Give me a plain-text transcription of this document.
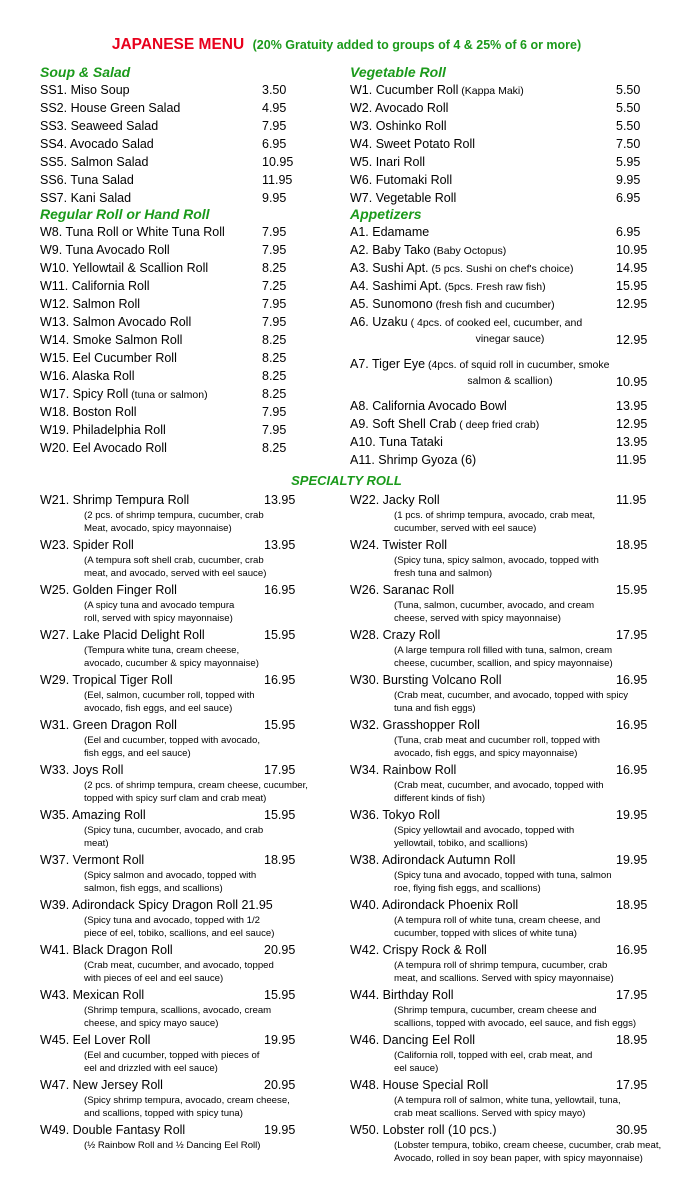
JAPANESE MENU (20% Gratuity added to groups of 4 & 25% of 6 or more)
Soup & Salad	Vegetable Roll
Regular Roll or Hand Roll	Appetizers
SPECIALTY ROLL
SS1. Miso Soup	3.50
SS2. House Green Salad	4.95
SS3. Seaweed Salad	7.95
SS4. Avocado Salad	6.95
SS5. Salmon Salad	10.95
SS6. Tuna Salad	11.95
SS7. Kani Salad	9.95
W8. Tuna Roll or White Tuna Roll	7.95
W9. Tuna Avocado Roll	7.95
W10. Yellowtail & Scallion Roll	8.25
W11. California Roll	7.25
W12. Salmon Roll	7.95
W13. Salmon Avocado Roll	7.95
W14. Smoke Salmon Roll	8.25
W15. Eel Cucumber Roll	8.25
W16. Alaska Roll	8.25
W17. Spicy Roll (tuna or salmon)	8.25
W18. Boston Roll	7.95
W19. Philadelphia Roll	7.95
W20. Eel Avocado Roll	8.25
W1. Cucumber Roll (Kappa Maki)	5.50
W2. Avocado Roll	5.50
W3. Oshinko Roll	5.50
W4. Sweet Potato Roll	7.50
W5. Inari Roll	5.95
W6. Futomaki Roll	9.95
W7. Vegetable Roll	6.95
A1. Edamame	6.95
A2. Baby Tako (Baby Octopus)	10.95
A3. Sushi Apt. (5 pcs. Sushi on chef's choice)	14.95
A4. Sashimi Apt. (5pcs. Fresh raw fish)	15.95
A5. Sunomono (fresh fish and cucumber)	12.95
A6. Uzaku ( 4pcs. of cooked eel, cucumber, and
vinegar sauce)	12.95
A7. Tiger Eye (4pcs. of squid roll in cucumber, smoke
salmon & scallion)	10.95
A8. California Avocado Bowl	13.95
A9. Soft Shell Crab ( deep fried crab)	12.95
A10. Tuna Tataki	13.95
A11. Shrimp Gyoza (6)	11.95
W21. Shrimp Tempura Roll	13.95
(2 pcs. of shrimp tempura, cucumber, crab
Meat, avocado, spicy mayonnaise)
W23. Spider Roll	13.95
(A tempura soft shell crab, cucumber, crab
meat, and avocado, served with eel sauce)
W25. Golden Finger Roll	16.95
(A spicy tuna and avocado tempura
roll, served with spicy mayonnaise)
W27. Lake Placid Delight Roll	15.95
(Tempura white tuna, cream cheese,
avocado, cucumber & spicy mayonnaise)
W29. Tropical Tiger Roll	16.95
(Eel, salmon, cucumber roll, topped with
avocado, fish eggs, and eel sauce)
W31. Green Dragon Roll	15.95
(Eel and cucumber, topped with avocado,
fish eggs, and eel sauce)
W33. Joys Roll	17.95
(2 pcs. of shrimp tempura, cream cheese, cucumber,
topped with spicy surf clam and crab meat)
W35. Amazing Roll	15.95
(Spicy tuna, cucumber, avocado, and crab
meat)
W37. Vermont Roll	18.95
(Spicy salmon and avocado, topped with
salmon, fish eggs, and scallions)
W39. Adirondack Spicy Dragon Roll 21.95
(Spicy tuna and avocado, topped with 1/2
piece of eel, tobiko, scallions, and eel sauce)
W41. Black Dragon Roll	20.95
(Crab meat, cucumber, and avocado, topped
with pieces of eel and eel sauce)
W43. Mexican Roll	15.95
(Shrimp tempura, scallions, avocado, cream
cheese, and spicy mayo sauce)
W45. Eel Lover Roll	19.95
(Eel and cucumber, topped with pieces of
eel and drizzled with eel sauce)
W47. New Jersey Roll	20.95
(Spicy shrimp tempura, avocado, cream cheese,
and scallions, topped with spicy tuna)
W49. Double Fantasy Roll	19.95
(½ Rainbow Roll and ½ Dancing Eel Roll)
W22. Jacky Roll	11.95
(1 pcs. of shrimp tempura, avocado, crab meat,
cucumber, served with eel sauce)
W24. Twister Roll	18.95
(Spicy tuna, spicy salmon, avocado, topped with
fresh tuna and salmon)
W26. Saranac Roll	15.95
(Tuna, salmon, cucumber, avocado, and cream
cheese, served with spicy mayonnaise)
W28. Crazy Roll	17.95
(A large tempura roll filled with tuna, salmon, cream
cheese, cucumber, scallion, and spicy mayonnaise)
W30. Bursting Volcano Roll	16.95
(Crab meat, cucumber, and avocado, topped with spicy
tuna and fish eggs)
W32. Grasshopper Roll	16.95
(Tuna, crab meat and cucumber roll, topped with
avocado, fish eggs, and spicy mayonnaise)
W34. Rainbow Roll	16.95
(Crab meat, cucumber, and avocado, topped with
different kinds of fish)
W36. Tokyo Roll	19.95
(Spicy yellowtail and avocado, topped with
yellowtail, tobiko, and scallions)
W38. Adirondack Autumn Roll	19.95
(Spicy tuna and avocado, topped with tuna, salmon
roe, flying fish eggs, and scallions)
W40. Adirondack Phoenix Roll	18.95
(A tempura roll of white tuna, cream cheese, and
cucumber, topped with slices of white tuna)
W42. Crispy Rock & Roll	16.95
(A tempura roll of shrimp tempura, cucumber, crab
meat, and scallions. Served with spicy mayonnaise)
W44. Birthday Roll	17.95
(Shrimp tempura, cucumber, cream cheese and
scallions, topped with avocado, eel sauce, and fish eggs)
W46. Dancing Eel Roll	18.95
(California roll, topped with eel, crab meat, and
eel sauce)
W48. House Special Roll	17.95
(A tempura roll of salmon, white tuna, yellowtail, tuna,
crab meat scallions. Served with spicy mayo)
W50. Lobster roll (10 pcs.)	30.95
(Lobster tempura, tobiko, cream cheese, cucumber, crab meat,
Avocado, rolled in soy bean paper, with spicy mayonnaise)
